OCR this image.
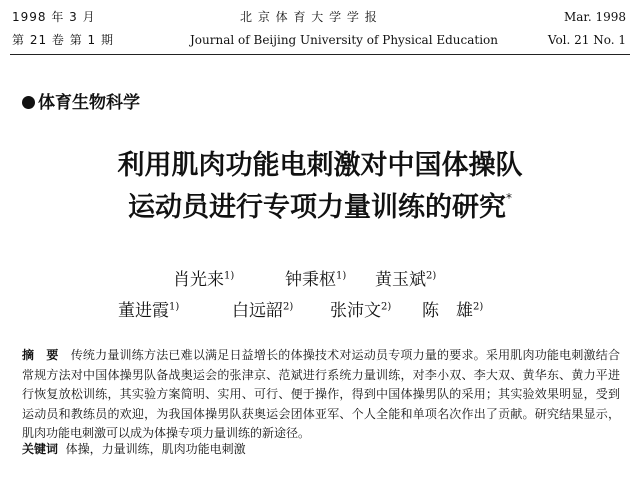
1998 年 3 月	北 京 体 育 大 学 学 报	Mar. 1998
第 21 卷 第 1 期	Journal of Beijing University of Physical Education	Vol. 21 No. 1
体育生物科学
利用肌肉功能电刺激对中国体操队
运动员进行专项力量训练的研究*
肖光来$^{1)}$	钟秉枢$^{1)}$ 黄玉斌$^{2)}$
董进霞$^{1)}$	白远韶$^{2)}$ 张沛文$^{2)}$ 陈　雄$^{2)}$
摘　要 传统力量训练方法已难以满足日益增长的体操技术对运动员专项力量的要求。采用肌肉功能电刺激结合常规方法对中国体操男队备战奥运会的张津京、范斌进行系统力量训练，对李小双、李大双、黄华东、黄力平进行恢复放松训练，其实验方案简明、实用、可行、便于操作，得到中国体操男队的采用；其实验效果明显，受到运动员和教练员的欢迎，为我国体操男队获奥运会团体亚军、个人全能和单项名次作出了贡献。研究结果显示，肌肉功能电刺激可以成为体操专项力量训练的新途径。
关键词 体操，力量训练，肌肉功能电刺激
